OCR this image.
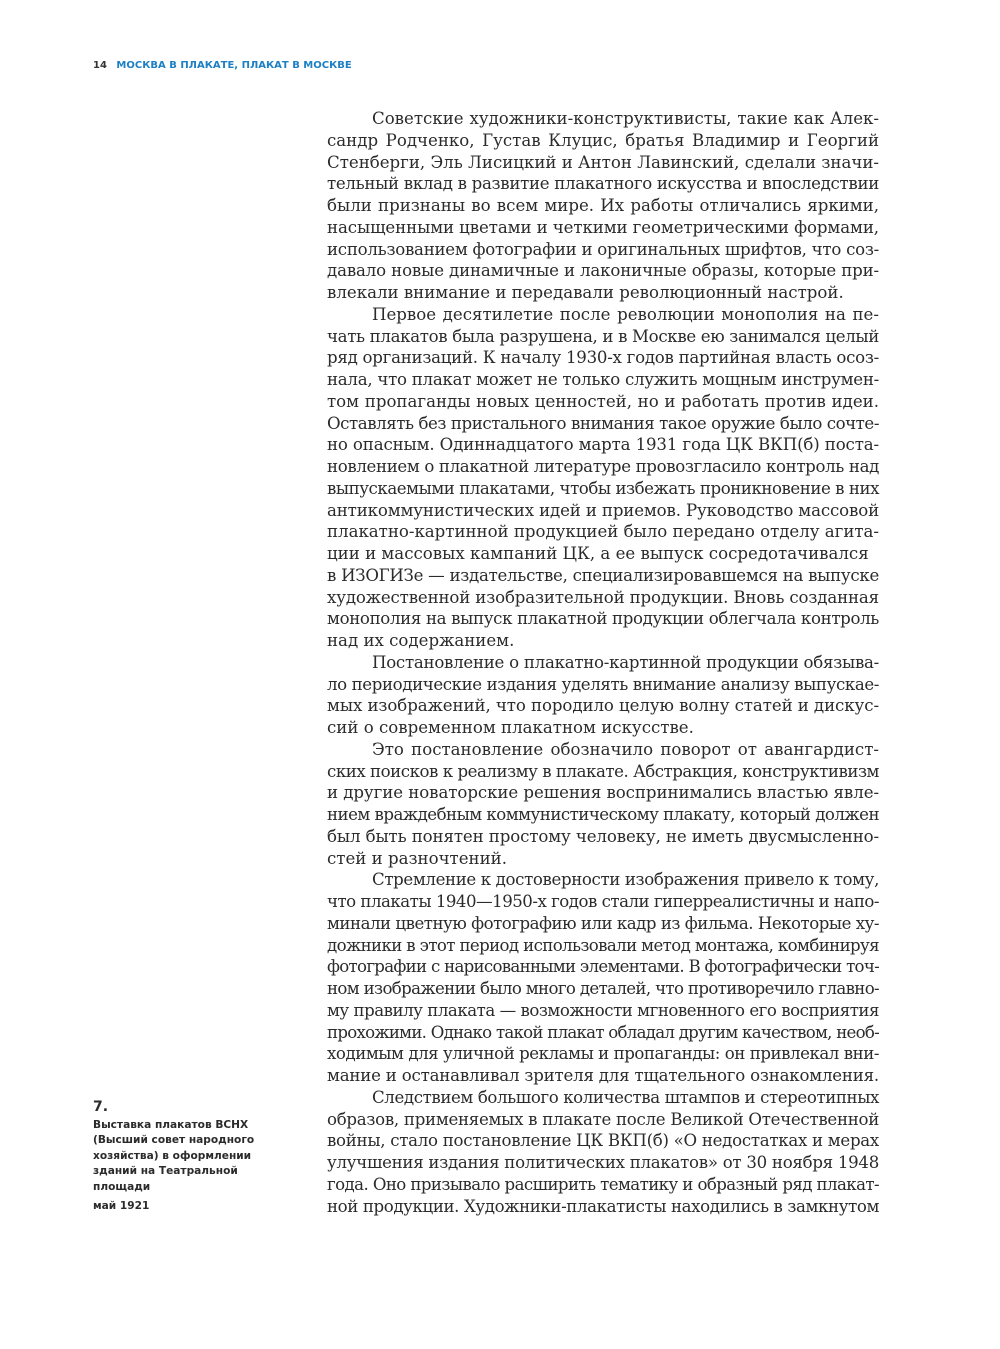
14 МОСКВА В ПЛАКАТЕ, ПЛАКАТ В МОСКВЕ
Советские художники-конструктивисты, такие как Алек-
сандр Родченко, Густав Клуцис, братья Владимир и Георгий
Стенберги, Эль Лисицкий и Антон Лавинский, сделали значи-
тельный вклад в развитие плакатного искусства и впоследствии
были признаны во всем мире. Их работы отличались яркими,
насыщенными цветами и четкими геометрическими формами,
использованием фотографии и оригинальных шрифтов, что соз-
давало новые динамичные и лаконичные образы, которые при-
влекали внимание и передавали революционный настрой.
Первое десятилетие после революции монополия на пе-
чать плакатов была разрушена, и в Москве ею занимался целый
ряд организаций. К началу 1930-х годов партийная власть осоз-
нала, что плакат может не только служить мощным инструмен-
том пропаганды новых ценностей, но и работать против идеи.
Оставлять без пристального внимания такое оружие было сочте-
но опасным. Одиннадцатого марта 1931 года ЦК ВКП(б) поста-
новлением о плакатной литературе провозгласило контроль над
выпускаемыми плакатами, чтобы избежать проникновение в них
антикоммунистических идей и приемов. Руководство массовой
плакатно-картинной продукцией было передано отделу агита-
ции и массовых кампаний ЦК, а ее выпуск сосредотачивался
в ИЗОГИЗе — издательстве, специализировавшемся на выпуске
художественной изобразительной продукции. Вновь созданная
монополия на выпуск плакатной продукции облегчала контроль
над их содержанием.
Постановление о плакатно-картинной продукции обязыва-
ло периодические издания уделять внимание анализу выпускае-
мых изображений, что породило целую волну статей и дискус-
сий о современном плакатном искусстве.
Это постановление обозначило поворот от авангардист-
ских поисков к реализму в плакате. Абстракция, конструктивизм
и другие новаторские решения воспринимались властью явле-
нием враждебным коммунистическому плакату, который должен
был быть понятен простому человеку, не иметь двусмысленно-
стей и разночтений.
Стремление к достоверности изображения привело к тому,
что плакаты 1940—1950-х годов стали гиперреалистичны и напо-
минали цветную фотографию или кадр из фильма. Некоторые ху-
дожники в этот период использовали метод монтажа, комбинируя
фотографии с нарисованными элементами. В фотографически точ-
ном изображении было много деталей, что противоречило главно-
му правилу плаката — возможности мгновенного его восприятия
прохожими. Однако такой плакат обладал другим качеством, необ-
ходимым для уличной рекламы и пропаганды: он привлекал вни-
мание и останавливал зрителя для тщательного ознакомления.
Следствием большого количества штампов и стереотипных
образов, применяемых в плакате после Великой Отечественной
войны, стало постановление ЦК ВКП(б) «О недостатках и мерах
улучшения издания политических плакатов» от 30 ноября 1948
года. Оно призывало расширить тематику и образный ряд плакат-
ной продукции. Художники-плакатисты находились в замкнутом
7.
Выставка плакатов ВСНХ
(Высший совет народного
хозяйства) в оформлении
зданий на Театральной
площади
май 1921
